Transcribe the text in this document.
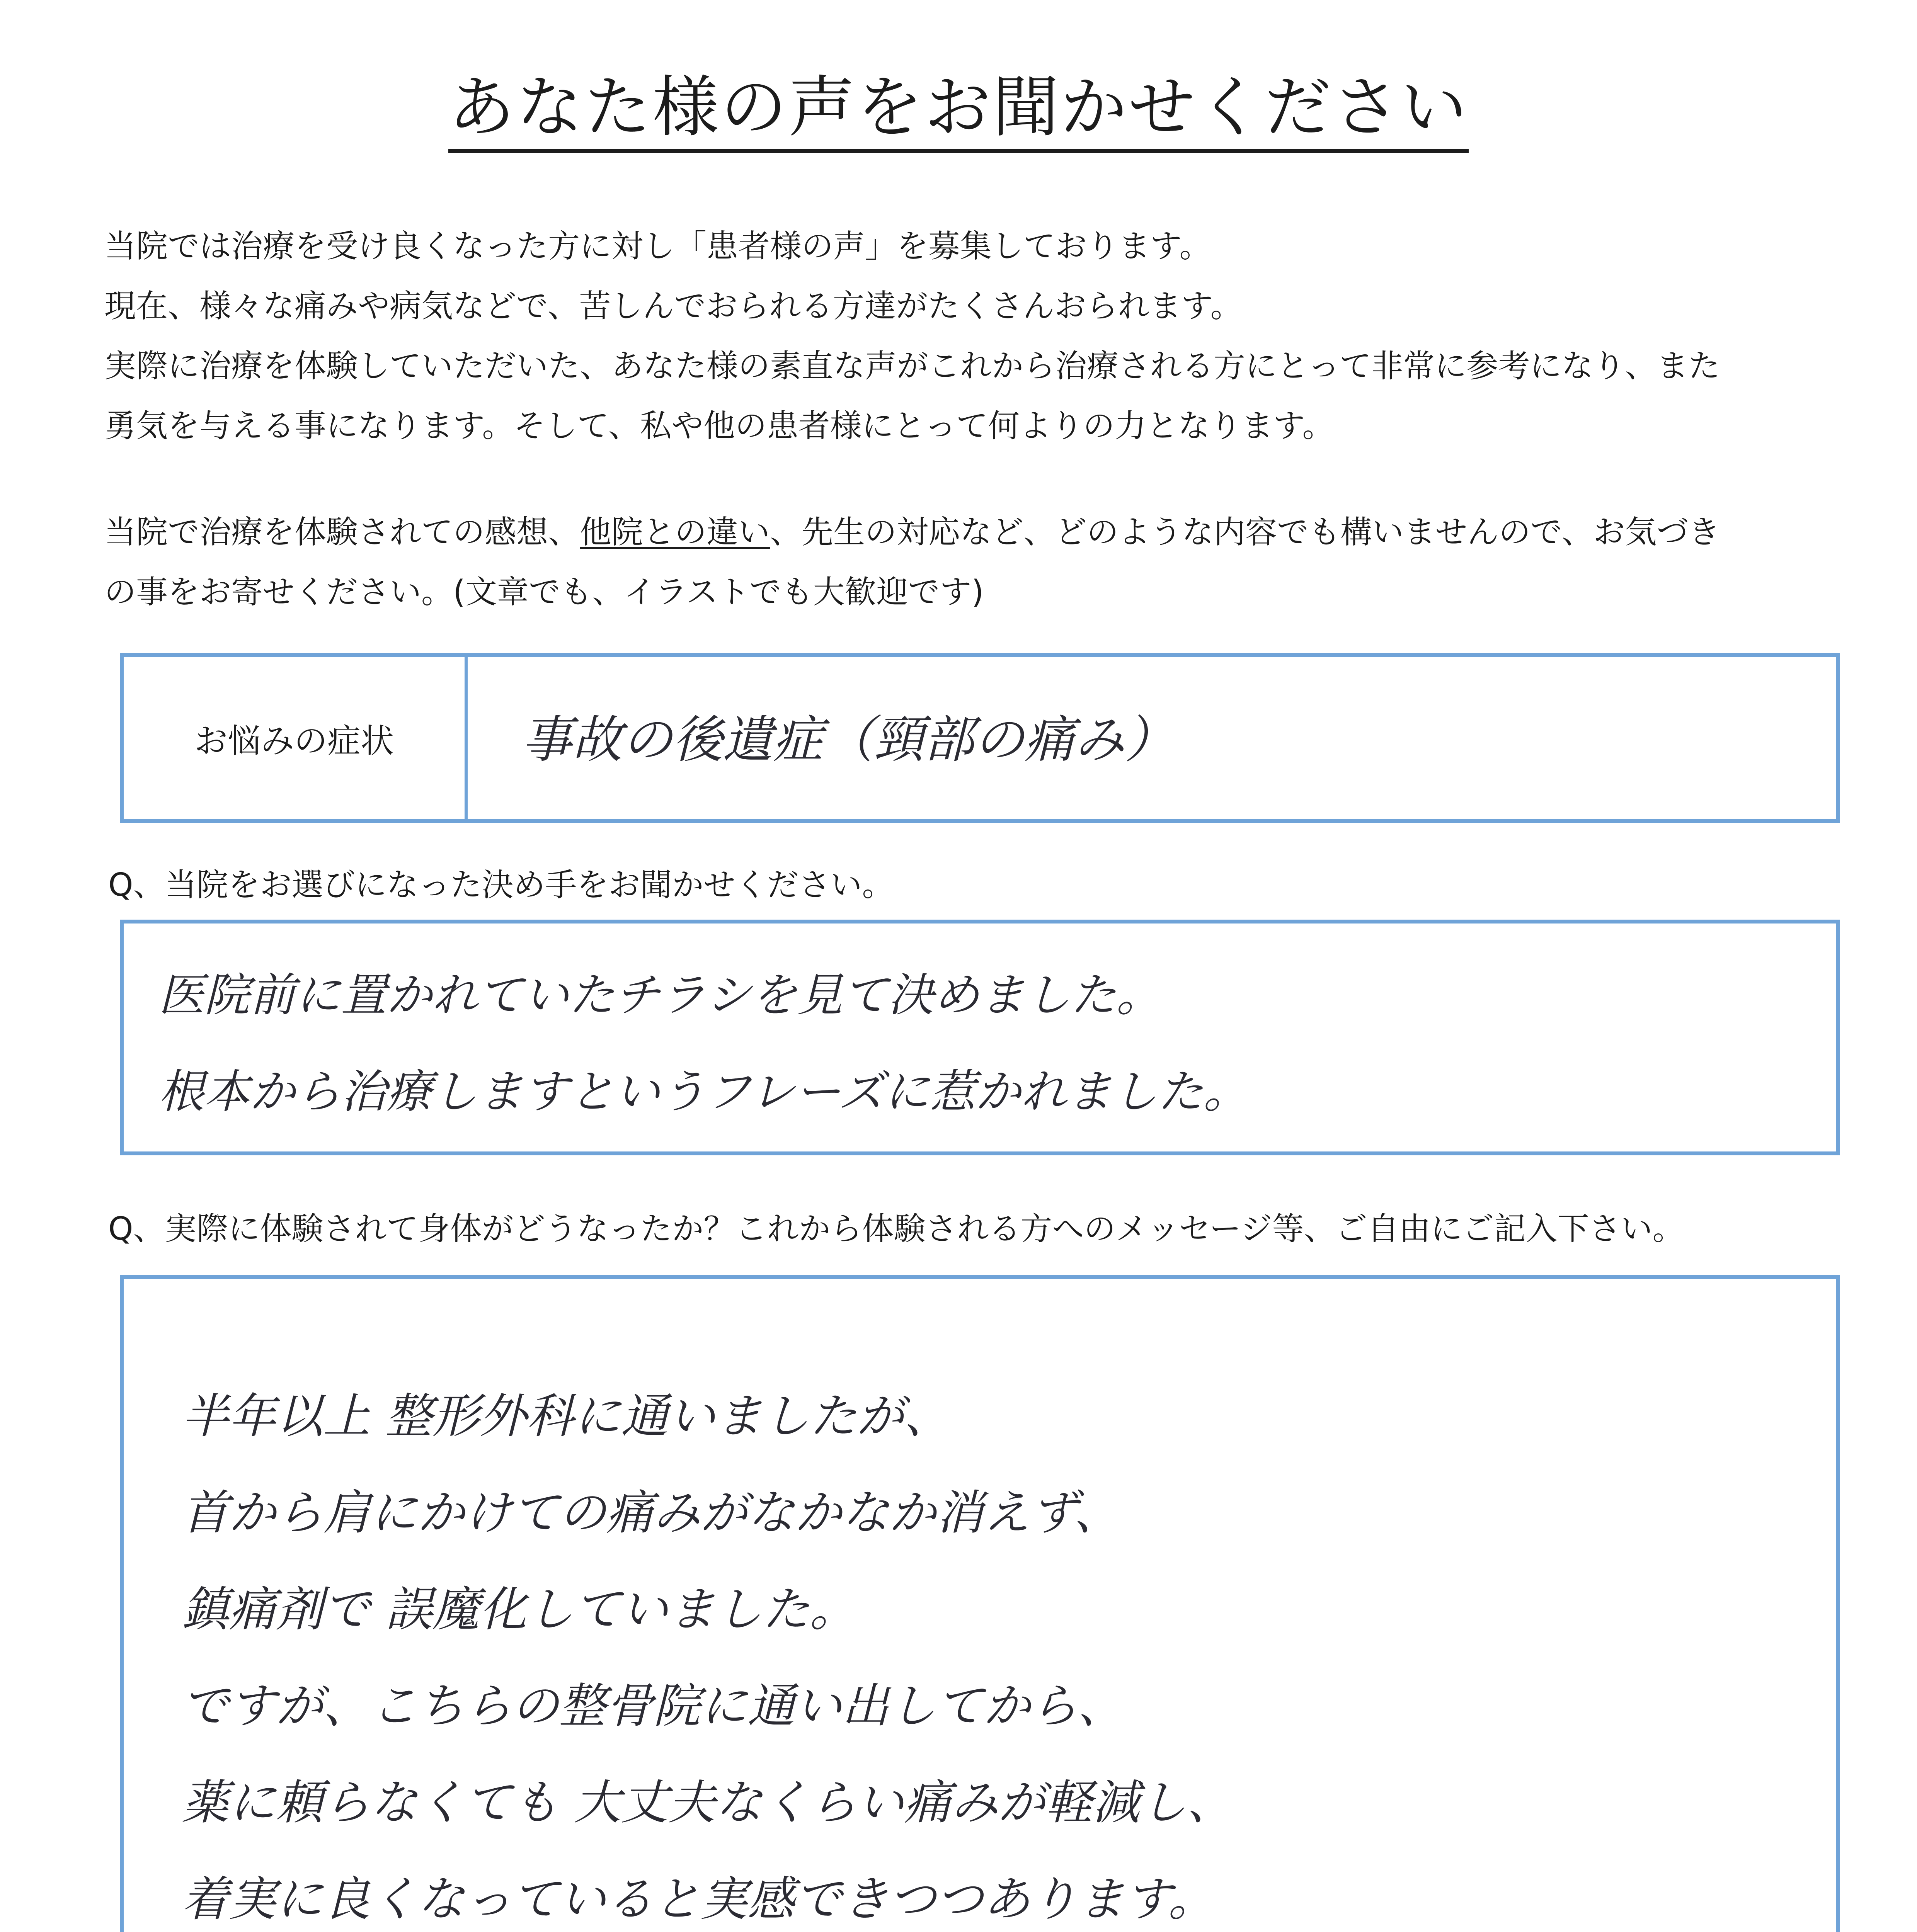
あなた様の声をお聞かせください

当院では治療を受け良くなった方に対し「患者様の声」を募集しております。

現在、様々な痛みや病気などで、苦しんでおられる方達がたくさんおられます。

実際に治療を体験していただいた、あなた様の素直な声がこれから治療される方にとって非常に参考になり、また

勇気を与える事になります。そして、私や他の患者様にとって何よりの力となります。

当院で治療を体験されての感想、他院との違い、先生の対応など、どのような内容でも構いませんので、お気づき

の事をお寄せください。(文章でも、イラストでも大歓迎です)

お悩みの症状	事故の後遺症（頸部の痛み）
Q、当院をお選びになった決め手をお聞かせください。

医院前に置かれていたチラシを見て決めました。

根本から治療しますというフレーズに惹かれました。

Q、実際に体験されて身体がどうなったか？これから体験される方へのメッセージ等、ご自由にご記入下さい。

半年以上 整形外科に通いましたが、

首から肩にかけての痛みがなかなか消えず、

鎮痛剤で 誤魔化していました。

ですが、こちらの整骨院に通い出してから、

薬に頼らなくても 大丈夫なくらい痛みが軽減し、

着実に良くなっていると実感できつつあります。
